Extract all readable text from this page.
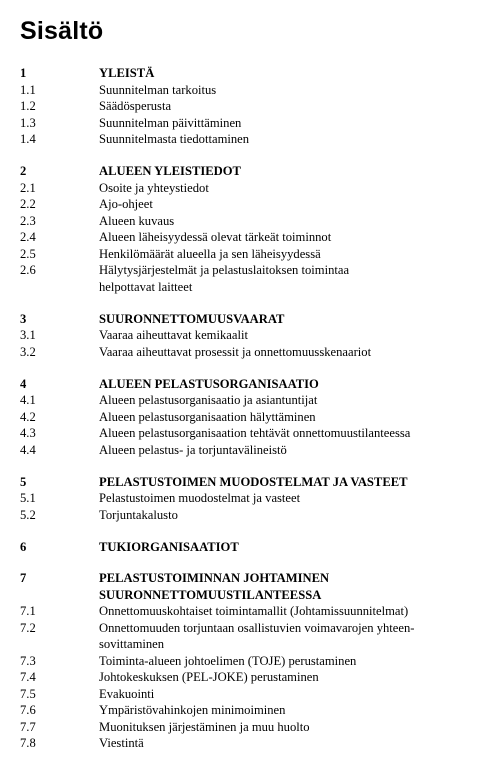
Sisältö
1	YLEISTÄ
1.1	Suunnitelman tarkoitus
1.2	Säädösperusta
1.3	Suunnitelman päivittäminen
1.4	Suunnitelmasta tiedottaminen
2	ALUEEN YLEISTIEDOT
2.1	Osoite ja yhteystiedot
2.2	Ajo-ohjeet
2.3	Alueen kuvaus
2.4	Alueen läheisyydessä olevat tärkeät toiminnot
2.5	Henkilömäärät alueella ja sen läheisyydessä
2.6	Hälytysjärjestelmät ja pelastuslaitoksen toimintaa
helpottavat laitteet
3	SUURONNETTOMUUSVAARAT
3.1	Vaaraa aiheuttavat kemikaalit
3.2	Vaaraa aiheuttavat prosessit ja onnettomuusskenaariot
4	ALUEEN PELASTUSORGANISAATIO
4.1	Alueen pelastusorganisaatio ja asiantuntijat
4.2	Alueen pelastusorganisaation hälyttäminen
4.3	Alueen pelastusorganisaation tehtävät onnettomuustilanteessa
4.4	Alueen pelastus- ja torjuntavälineistö
5	PELASTUSTOIMEN MUODOSTELMAT JA VASTEET
5.1	Pelastustoimen muodostelmat ja vasteet
5.2	Torjuntakalusto
6	TUKIORGANISAATIOT
7	PELASTUSTOIMINNAN JOHTAMINEN
SUURONNETTOMUUSTILANTEESSA
7.1	Onnettomuuskohtaiset toimintamallit (Johtamissuunnitelmat)
7.2	Onnettomuuden torjuntaan osallistuvien voimavarojen yhteen-
sovittaminen
7.3	Toiminta-alueen johtoelimen (TOJE) perustaminen
7.4	Johtokeskuksen (PEL-JOKE) perustaminen
7.5	Evakuointi
7.6	Ympäristövahinkojen minimoiminen
7.7	Muonituksen järjestäminen ja muu huolto
7.8	Viestintä
